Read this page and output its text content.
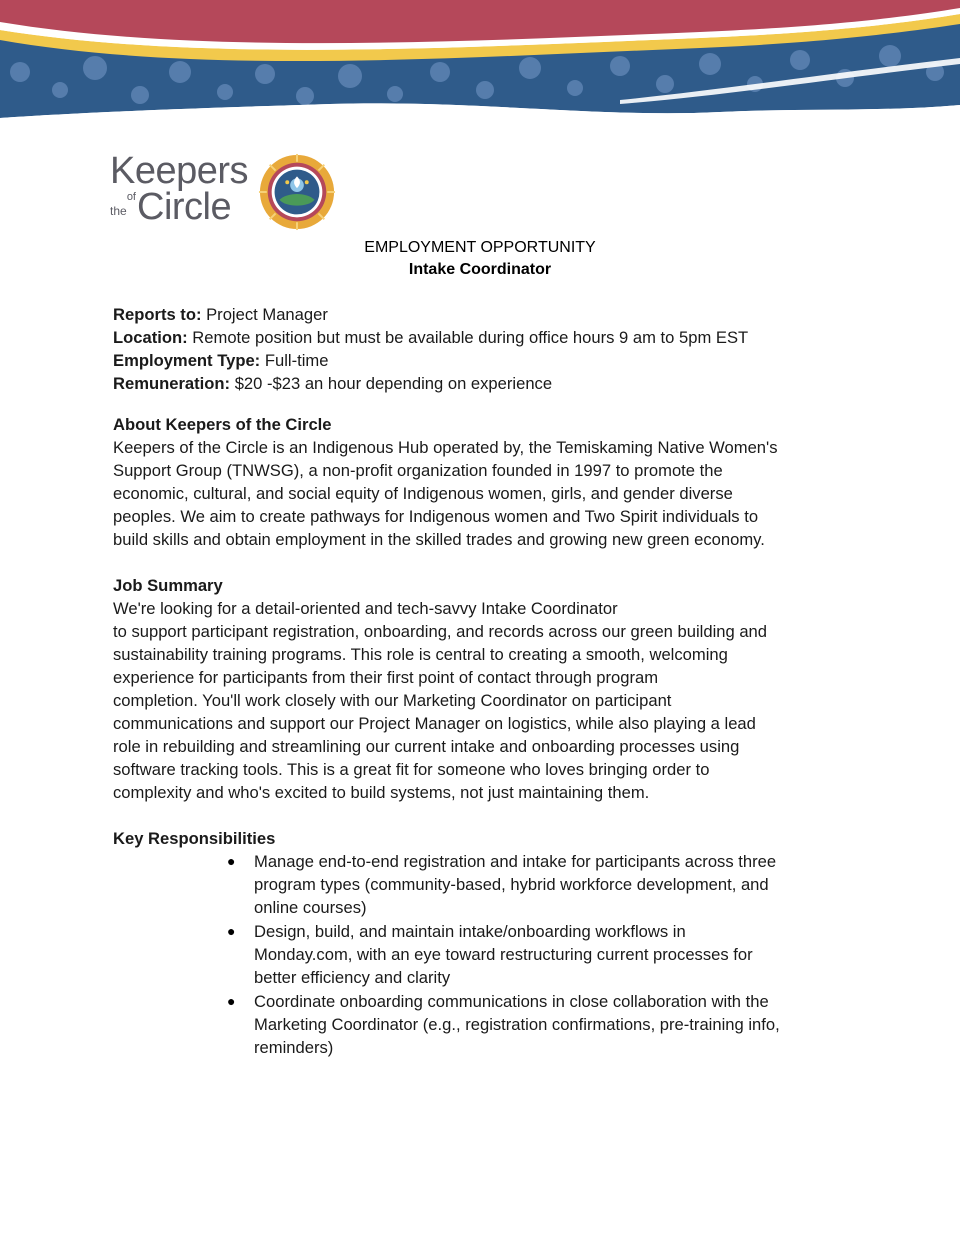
Keepers
of
the Circle
EMPLOYMENT OPPORTUNITY
Intake Coordinator
Reports to: Project Manager
Location: Remote position but must be available during office hours 9 am to 5pm EST
Employment Type: Full-time
Remuneration: $20 -$23 an hour depending on experience
About Keepers of the Circle
Keepers of the Circle is an Indigenous Hub operated by, the Temiskaming Native Women's
Support Group (TNWSG), a non-profit organization founded in 1997 to promote the
economic, cultural, and social equity of Indigenous women, girls, and gender diverse
peoples. We aim to create pathways for Indigenous women and Two Spirit individuals to
build skills and obtain employment in the skilled trades and growing new green economy.
Job Summary
We're looking for a detail-oriented and tech-savvy Intake Coordinator
to support participant registration, onboarding, and records across our green building and
sustainability training programs. This role is central to creating a smooth, welcoming
experience for participants from their first point of contact through program
completion. You'll work closely with our Marketing Coordinator on participant
communications and support our Project Manager on logistics, while also playing a lead
role in rebuilding and streamlining our current intake and onboarding processes using
software tracking tools. This is a great fit for someone who loves bringing order to
complexity and who's excited to build systems, not just maintaining them.
Key Responsibilities
● Manage end-to-end registration and intake for participants across three
program types (community-based, hybrid workforce development, and
online courses)
● Design, build, and maintain intake/onboarding workflows in
Monday.com, with an eye toward restructuring current processes for
better efficiency and clarity
● Coordinate onboarding communications in close collaboration with the
Marketing Coordinator (e.g., registration confirmations, pre-training info,
reminders)
